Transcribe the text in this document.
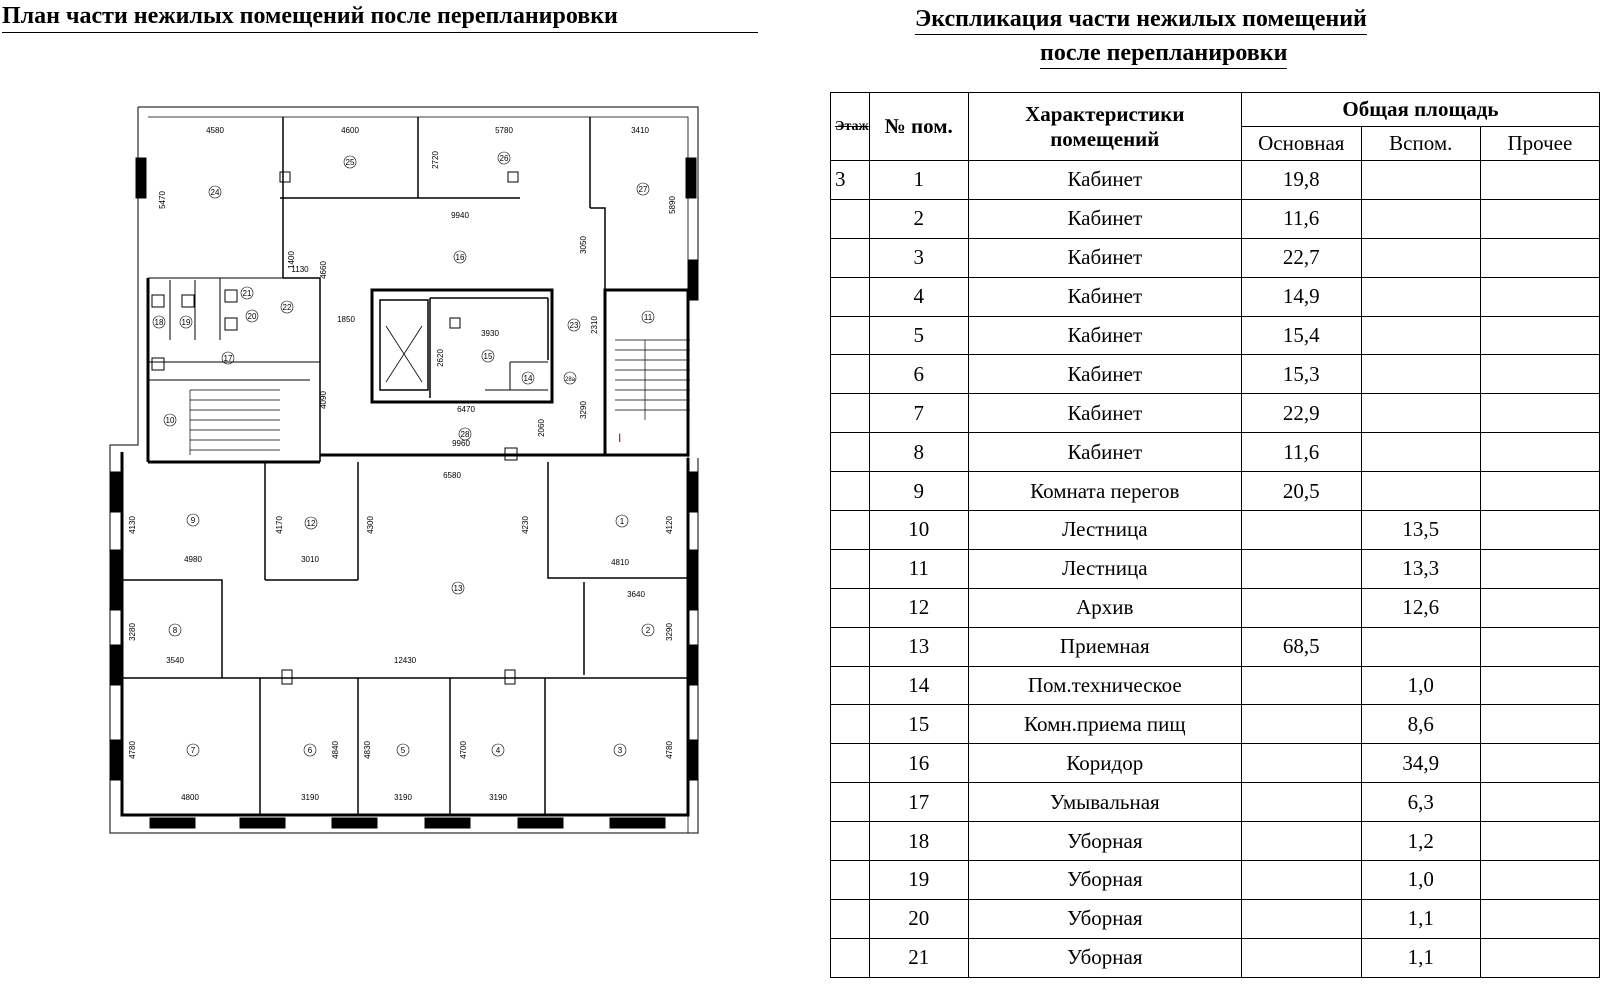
План части нежилых помещений после перепланировки	Экспликация части нежилых помещений
после перепланировки
4580	4600	5780	3410
5470
2720
5890
9940
3050
1400
1130 4660
1850
3930
2620
2310
4090
6470
2060
3290
9960
6580
4130	4170	4300	4230	4120
4980	3010	4810
3640
3280	3290
3540	12430
4780	4840	4830	4700	4780
4800	3190	3190	3190
1
2
3
4
5
6
7
8
9
10
11
12
13
14
15
16
17
18 19
20
21
22
23
24
25	26
27
28
28а
I
Этаж	№ пом.	Характеристики помещений	Общая площадь		
			Основная	Вспом.	Прочее
3	1	Кабинет	19,8		
	2	Кабинет	11,6		
	3	Кабинет	22,7		
	4	Кабинет	14,9		
	5	Кабинет	15,4		
	6	Кабинет	15,3		
	7	Кабинет	22,9		
	8	Кабинет	11,6		
	9	Комната перегов	20,5		
	10	Лестница		13,5	
	11	Лестница		13,3	
	12	Архив		12,6	
	13	Приемная	68,5		
	14	Пом.техническое		1,0	
	15	Комн.приема пищ		8,6	
	16	Коридор		34,9	
	17	Умывальная		6,3	
	18	Уборная		1,2	
	19	Уборная		1,0	
	20	Уборная		1,1	
	21	Уборная		1,1	
